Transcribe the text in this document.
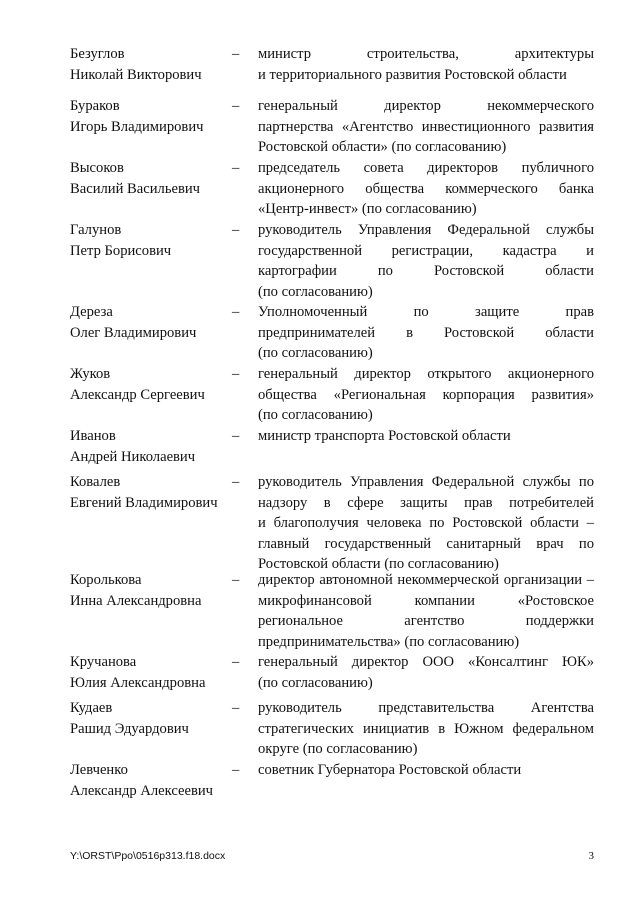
Безуглов
Николай Викторович
–	министр строительства, архитектуры
и территориального развития Ростовской области
Бураков
Игорь Владимирович
–	генеральный директор некоммерческого
партнерства «Агентство инвестиционного развития
Ростовской области» (по согласованию)
Высоков
Василий Васильевич
–	председатель совета директоров публичного
акционерного общества коммерческого банка
«Центр-инвест» (по согласованию)
Галунов
Петр Борисович
–	руководитель Управления Федеральной службы
государственной регистрации, кадастра и
картографии по Ростовской области
(по согласованию)
Дереза
Олег Владимирович
–	Уполномоченный по защите прав
предпринимателей в Ростовской области
(по согласованию)
Жуков
Александр Сергеевич
–	генеральный директор открытого акционерного
общества «Региональная корпорация развития»
(по согласованию)
Иванов
Андрей Николаевич
–	министр транспорта Ростовской области
Ковалев
Евгений Владимирович
–	руководитель Управления Федеральной службы по
надзору в сфере защиты прав потребителей
и благополучия человека по Ростовской области –
главный государственный санитарный врач по
Ростовской области (по согласованию)
Королькова
Инна Александровна
–	директор автономной некоммерческой организации –
микрофинансовой компании «Ростовское
региональное агентство поддержки
предпринимательства» (по согласованию)
Кручанова
Юлия Александровна
–	генеральный директор ООО «Консалтинг ЮК»
(по согласованию)
Кудаев
Рашид Эдуардович
–	руководитель представительства Агентства
стратегических инициатив в Южном федеральном
округе (по согласованию)
Левченко
Александр Алексеевич
–	советник Губернатора Ростовской области
Y:\ORST\Ppo\0516p313.f18.docx	3
